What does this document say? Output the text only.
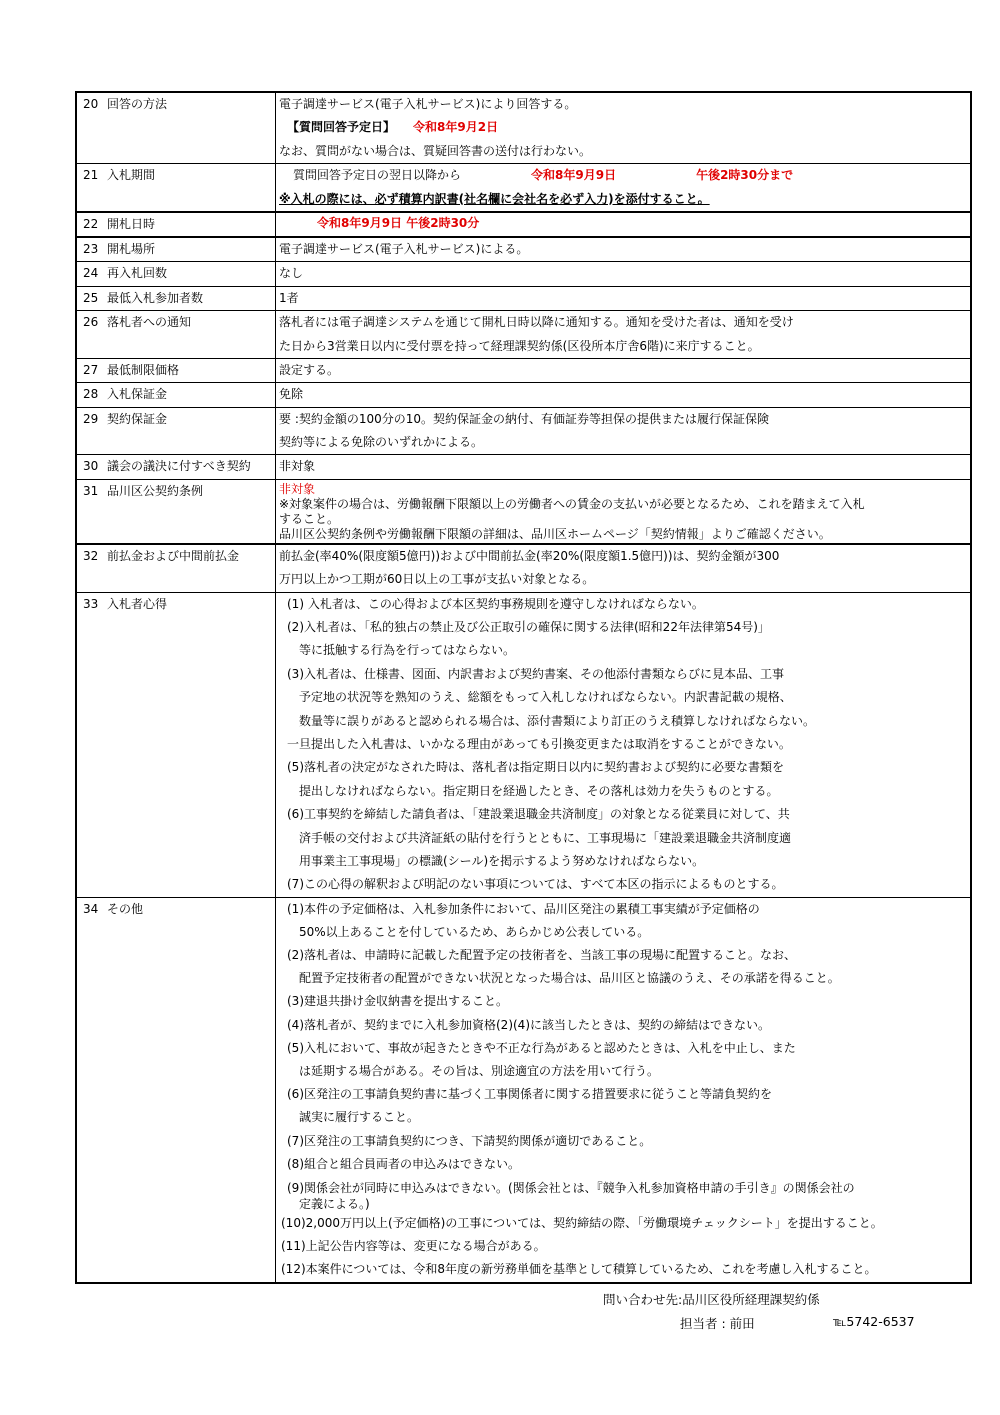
20 回答の方法	電子調達サービス(電子入札サービス)により回答する。
【質問回答予定日】 令和8年9月2日
なお、質問がない場合は、質疑回答書の送付は行わない。
21 入札期間	質問回答予定日の翌日以降から	令和8年9月9日	午後2時30分まで
※入札の際には、必ず積算内訳書(社名欄に会社名を必ず入力)を添付すること。
22 開札日時	令和8年9月9日 午後2時30分
23 開札場所	電子調達サービス(電子入札サービス)による。
24 再入札回数	なし
25 最低入札参加者数	1者
26 落札者への通知	落札者には電子調達システムを通じて開札日時以降に通知する。通知を受けた者は、通知を受け
た日から3営業日以内に受付票を持って経理課契約係(区役所本庁舎6階)に来庁すること。
27 最低制限価格	設定する。
28 入札保証金	免除
29 契約保証金	要 :契約金額の100分の10。契約保証金の納付、有価証券等担保の提供または履行保証保険
契約等による免除のいずれかによる。
30 議会の議決に付すべき契約	非対象
31 品川区公契約条例	非対象
※対象案件の場合は、労働報酬下限額以上の労働者への賃金の支払いが必要となるため、これを踏まえて入札
すること。
品川区公契約条例や労働報酬下限額の詳細は、品川区ホームページ「契約情報」よりご確認ください。
32 前払金および中間前払金	前払金(率40%(限度額5億円))および中間前払金(率20%(限度額1.5億円))は、契約金額が300
万円以上かつ工期が60日以上の工事が支払い対象となる。
33 入札者心得	(1) 入札者は、この心得および本区契約事務規則を遵守しなければならない。
(2)入札者は、「私的独占の禁止及び公正取引の確保に関する法律(昭和22年法律第54号)」
等に抵触する行為を行ってはならない。
(3)入札者は、仕様書、図面、内訳書および契約書案、その他添付書類ならびに見本品、工事
予定地の状況等を熟知のうえ、総額をもって入札しなければならない。内訳書記載の規格、
数量等に誤りがあると認められる場合は、添付書類により訂正のうえ積算しなければならない。
一旦提出した入札書は、いかなる理由があっても引換変更または取消をすることができない。
(5)落札者の決定がなされた時は、落札者は指定期日以内に契約書および契約に必要な書類を
提出しなければならない。指定期日を経過したとき、その落札は効力を失うものとする。
(6)工事契約を締結した請負者は、「建設業退職金共済制度」の対象となる従業員に対して、共
済手帳の交付および共済証紙の貼付を行うとともに、工事現場に「建設業退職金共済制度適
用事業主工事現場」の標識(シール)を掲示するよう努めなければならない。
(7)この心得の解釈および明記のない事項については、すべて本区の指示によるものとする。
34 その他	(1)本件の予定価格は、入札参加条件において、品川区発注の累積工事実績が予定価格の
50%以上あることを付しているため、あらかじめ公表している。
(2)落札者は、申請時に記載した配置予定の技術者を、当該工事の現場に配置すること。なお、
配置予定技術者の配置ができない状況となった場合は、品川区と協議のうえ、その承諾を得ること。
(3)建退共掛け金収納書を提出すること。
(4)落札者が、契約までに入札参加資格(2)(4)に該当したときは、契約の締結はできない。
(5)入札において、事故が起きたときや不正な行為があると認めたときは、入札を中止し、また
は延期する場合がある。その旨は、別途適宜の方法を用いて行う。
(6)区発注の工事請負契約書に基づく工事関係者に関する措置要求に従うこと等請負契約を
誠実に履行すること。
(7)区発注の工事請負契約につき、下請契約関係が適切であること。
(8)組合と組合員両者の申込みはできない。
(9)関係会社が同時に申込みはできない。(関係会社とは、『競争入札参加資格申請の手引き』の関係会社の
定義による。)
(10)2,000万円以上(予定価格)の工事については、契約締結の際、「労働環境チェックシート」を提出すること。
(11)上記公告内容等は、変更になる場合がある。
(12)本案件については、令和8年度の新労務単価を基準として積算しているため、これを考慮し入札すること。
問い合わせ先:品川区役所経理課契約係
担当者 : 前田	℡5742-6537
